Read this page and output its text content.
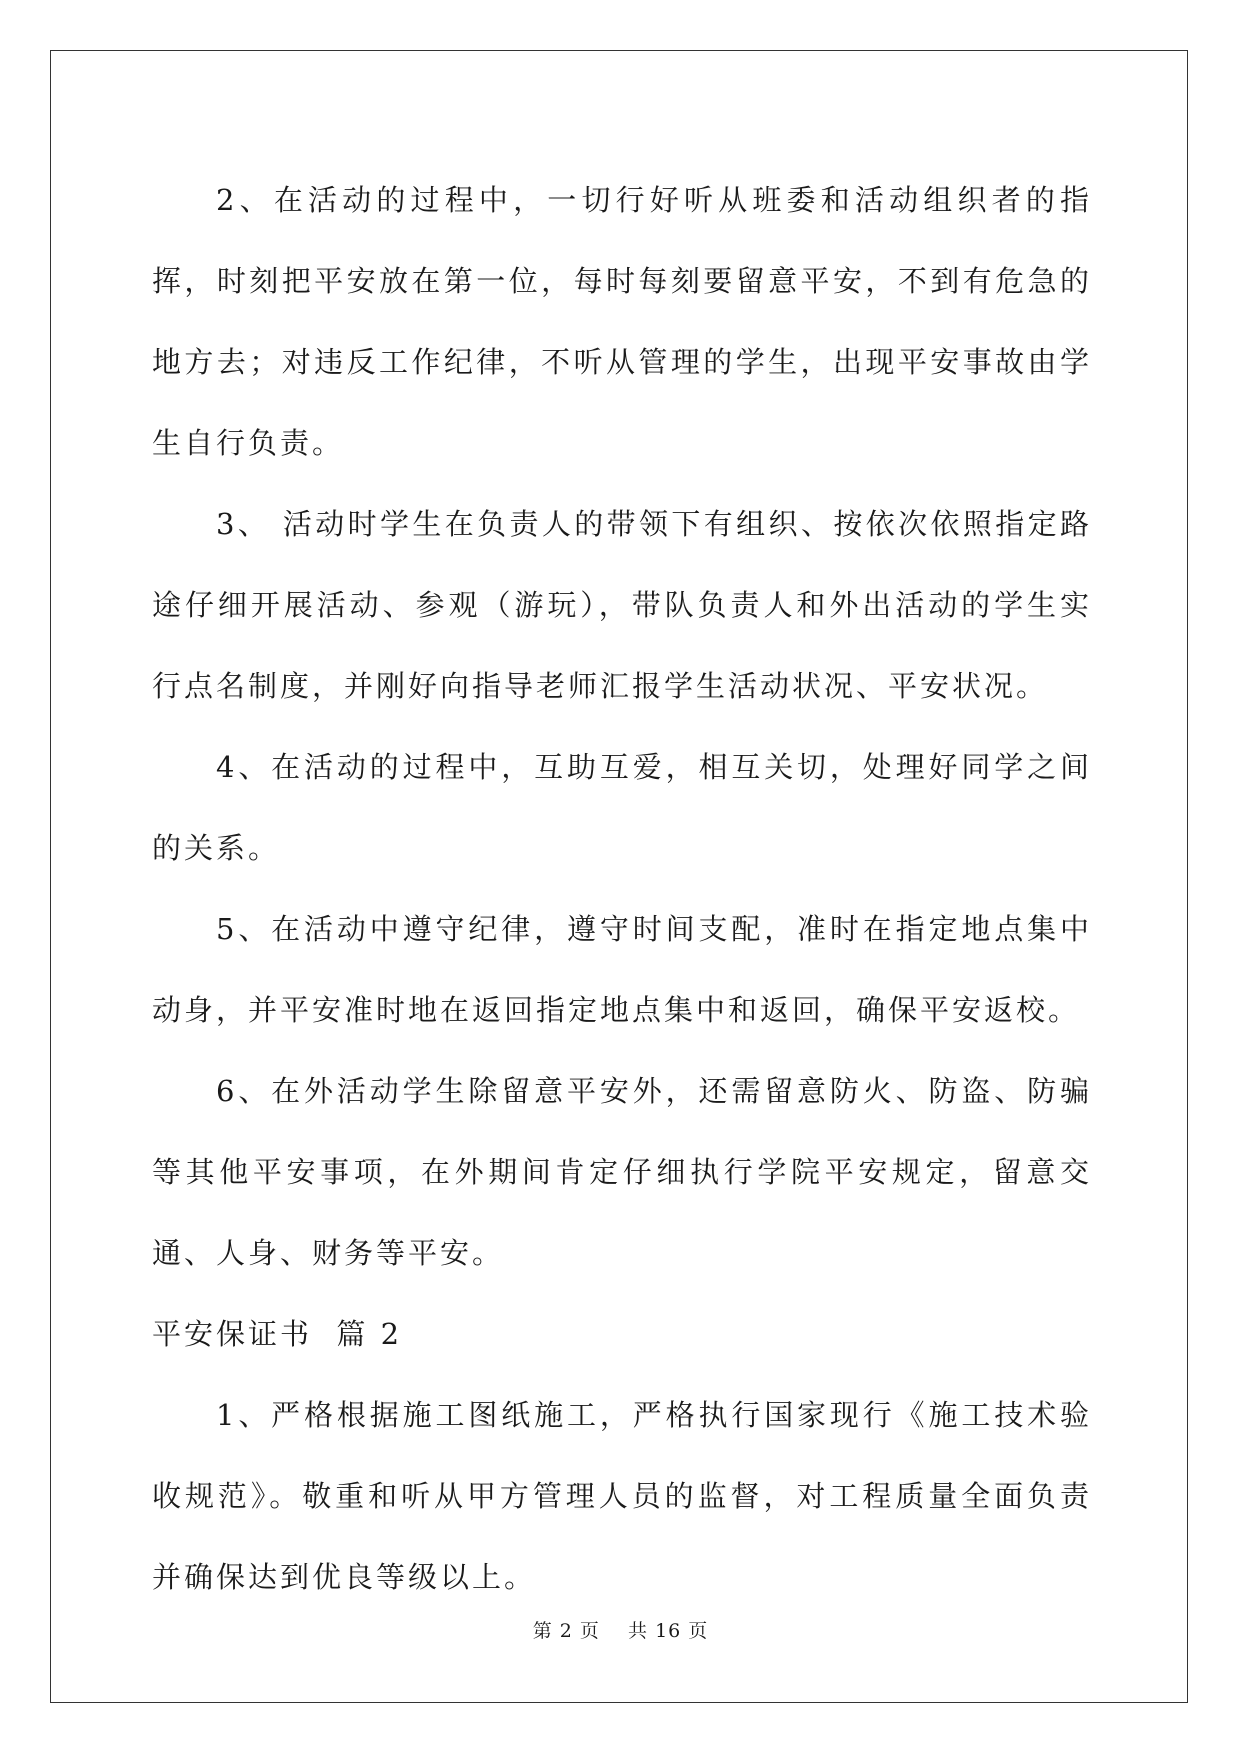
2、在活动的过程中，一切行好听从班委和活动组织者的指挥，时刻把平安放在第一位，每时每刻要留意平安，不到有危急的地方去；对违反工作纪律，不听从管理的学生，出现平安事故由学生自行负责。

3、 活动时学生在负责人的带领下有组织、按依次依照指定路途仔细开展活动、参观（游玩），带队负责人和外出活动的学生实行点名制度，并刚好向指导老师汇报学生活动状况、平安状况。

4、在活动的过程中，互助互爱，相互关切，处理好同学之间的关系。

5、在活动中遵守纪律，遵守时间支配，准时在指定地点集中动身，并平安准时地在返回指定地点集中和返回，确保平安返校。

6、在外活动学生除留意平安外，还需留意防火、防盗、防骗等其他平安事项，在外期间肯定仔细执行学院平安规定，留意交通、人身、财务等平安。

平安保证书  篇 2

1、严格根据施工图纸施工，严格执行国家现行《施工技术验收规范》。敬重和听从甲方管理人员的监督，对工程质量全面负责并确保达到优良等级以上。

第 2 页    共 16 页
